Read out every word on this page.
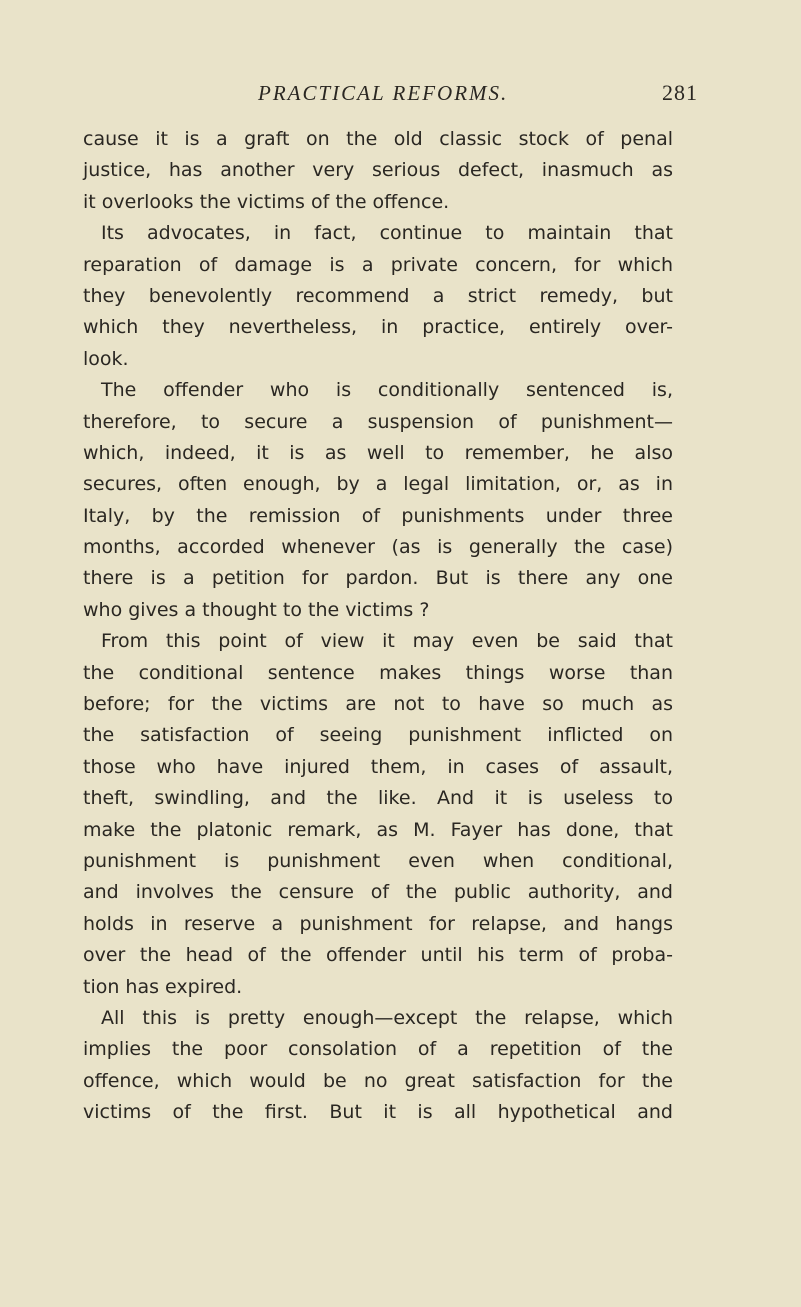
PRACTICAL REFORMS.	281
cause it is a graft on the old classic stock of penal
justice, has another very serious defect, inasmuch as
it overlooks the victims of the offence.
Its advocates, in fact, continue to maintain that
reparation of damage is a private concern, for which
they benevolently recommend a strict remedy, but
which they nevertheless, in practice, entirely over-
look.
The offender who is conditionally sentenced is,
therefore, to secure a suspension of punishment—
which, indeed, it is as well to remember, he also
secures, often enough, by a legal limitation, or, as in
Italy, by the remission of punishments under three
months, accorded whenever (as is generally the case)
there is a petition for pardon. But is there any one
who gives a thought to the victims ?
From this point of view it may even be said that
the conditional sentence makes things worse than
before; for the victims are not to have so much as
the satisfaction of seeing punishment inflicted on
those who have injured them, in cases of assault,
theft, swindling, and the like. And it is useless to
make the platonic remark, as M. Fayer has done, that
punishment is punishment even when conditional,
and involves the censure of the public authority, and
holds in reserve a punishment for relapse, and hangs
over the head of the offender until his term of proba-
tion has expired.
All this is pretty enough—except the relapse, which
implies the poor consolation of a repetition of the
offence, which would be no great satisfaction for the
victims of the first. But it is all hypothetical and
